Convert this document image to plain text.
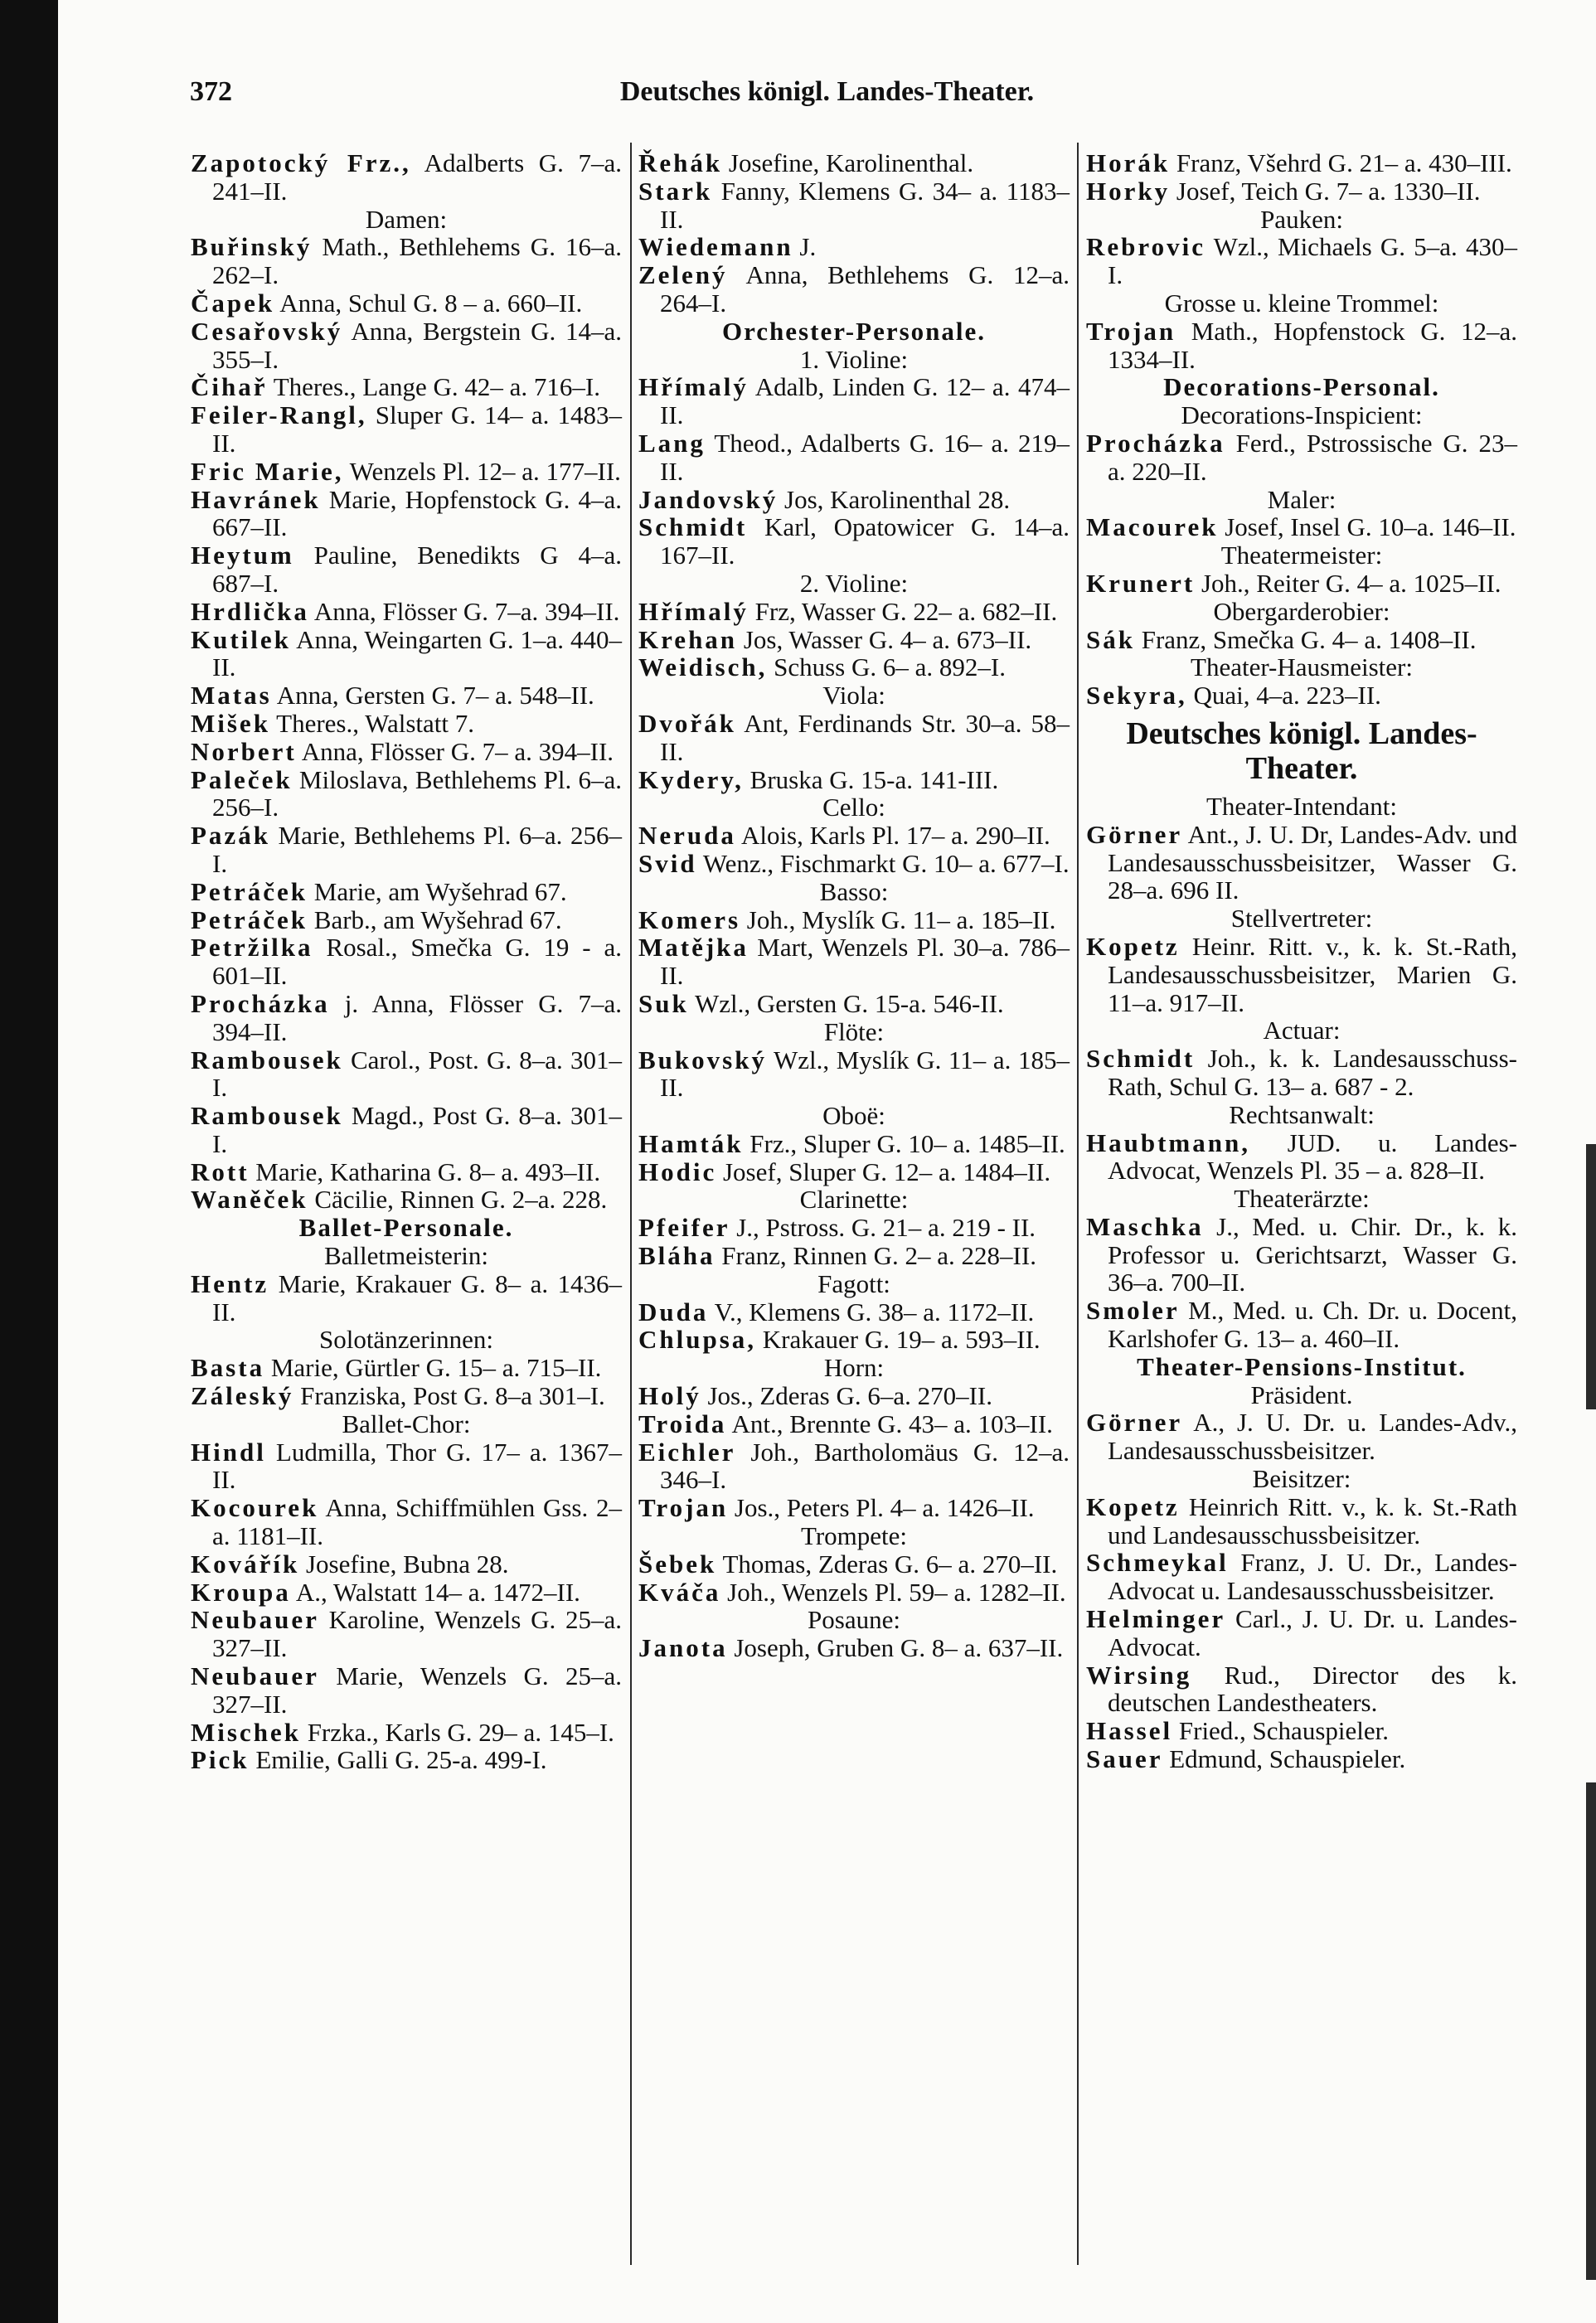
372	Deutsches königl. Landes-Theater.
Zapotocký Frz., Adalberts G. 7–a. 241–II.
Damen:
Buřinský Math., Bethlehems G. 16–a. 262–I.
Čapek Anna, Schul G. 8 – a. 660–II.
Cesařovský Anna, Bergstein G. 14–a. 355–I.
Čihař Theres., Lange G. 42– a. 716–I.
Feiler-Rangl, Sluper G. 14– a. 1483–II.
Fric Marie, Wenzels Pl. 12– a. 177–II.
Havránek Marie, Hopfenstock G. 4–a. 667–II.
Heytum Pauline, Benedikts G 4–a. 687–I.
Hrdlička Anna, Flösser G. 7–a. 394–II.
Kutilek Anna, Weingarten G. 1–a. 440–II.
Matas Anna, Gersten G. 7– a. 548–II.
Mišek Theres., Walstatt 7.
Norbert Anna, Flösser G. 7– a. 394–II.
Paleček Miloslava, Bethlehems Pl. 6–a. 256–I.
Pazák Marie, Bethlehems Pl. 6–a. 256–I.
Petráček Marie, am Wyšehrad 67.
Petráček Barb., am Wyšehrad 67.
Petržilka Rosal., Smečka G. 19 - a. 601–II.
Procházka j. Anna, Flösser G. 7–a. 394–II.
Rambousek Carol., Post. G. 8–a. 301–I.
Rambousek Magd., Post G. 8–a. 301–I.
Rott Marie, Katharina G. 8– a. 493–II.
Waněček Cäcilie, Rinnen G. 2–a. 228.
Ballet-Personale.
Balletmeisterin:
Hentz Marie, Krakauer G. 8– a. 1436–II.
Solotänzerinnen:
Basta Marie, Gürtler G. 15– a. 715–II.
Záleský Franziska, Post G. 8–a 301–I.
Ballet-Chor:
Hindl Ludmilla, Thor G. 17– a. 1367–II.
Kocourek Anna, Schiffmühlen Gss. 2–a. 1181–II.
Kovářík Josefine, Bubna 28.
Kroupa A., Walstatt 14– a. 1472–II.
Neubauer Karoline, Wenzels G. 25–a. 327–II.
Neubauer Marie, Wenzels G. 25–a. 327–II.
Mischek Frzka., Karls G. 29– a. 145–I.
Pick Emilie, Galli G. 25-a. 499-I.
Řehák Josefine, Karolinenthal.
Stark Fanny, Klemens G. 34– a. 1183–II.
Wiedemann J.
Zelený Anna, Bethlehems G. 12–a. 264–I.
Orchester-Personale.
1. Violine:
Hřímalý Adalb, Linden G. 12– a. 474–II.
Lang Theod., Adalberts G. 16– a. 219–II.
Jandovský Jos, Karolinenthal 28.
Schmidt Karl, Opatowicer G. 14–a. 167–II.
2. Violine:
Hřímalý Frz, Wasser G. 22– a. 682–II.
Krehan Jos, Wasser G. 4– a. 673–II.
Weidisch, Schuss G. 6– a. 892–I.
Viola:
Dvořák Ant, Ferdinands Str. 30–a. 58–II.
Kydery, Bruska G. 15-a. 141-III.
Cello:
Neruda Alois, Karls Pl. 17– a. 290–II.
Svid Wenz., Fischmarkt G. 10– a. 677–I.
Basso:
Komers Joh., Myslík G. 11– a. 185–II.
Matějka Mart, Wenzels Pl. 30–a. 786–II.
Suk Wzl., Gersten G. 15-a. 546-II.
Flöte:
Bukovský Wzl., Myslík G. 11– a. 185–II.
Oboë:
Hamták Frz., Sluper G. 10– a. 1485–II.
Hodic Josef, Sluper G. 12– a. 1484–II.
Clarinette:
Pfeifer J., Pstross. G. 21– a. 219 - II.
Bláha Franz, Rinnen G. 2– a. 228–II.
Fagott:
Duda V., Klemens G. 38– a. 1172–II.
Chlupsa, Krakauer G. 19– a. 593–II.
Horn:
Holý Jos., Zderas G. 6–a. 270–II.
Troida Ant., Brennte G. 43– a. 103–II.
Eichler Joh., Bartholomäus G. 12–a. 346–I.
Trojan Jos., Peters Pl. 4– a. 1426–II.
Trompete:
Šebek Thomas, Zderas G. 6– a. 270–II.
Kváča Joh., Wenzels Pl. 59– a. 1282–II.
Posaune:
Janota Joseph, Gruben G. 8– a. 637–II.
Horák Franz, Všehrd G. 21– a. 430–III.
Horky Josef, Teich G. 7– a. 1330–II.
Pauken:
Rebrovic Wzl., Michaels G. 5–a. 430–I.
Grosse u. kleine Trommel:
Trojan Math., Hopfenstock G. 12–a. 1334–II.
Decorations-Personal.
Decorations-Inspicient:
Procházka Ferd., Pstrossische G. 23–a. 220–II.
Maler:
Macourek Josef, Insel G. 10–a. 146–II.
Theatermeister:
Krunert Joh., Reiter G. 4– a. 1025–II.
Obergarderobier:
Sák Franz, Smečka G. 4– a. 1408–II.
Theater-Hausmeister:
Sekyra, Quai, 4–a. 223–II.
Deutsches königl. Landes-Theater.
Theater-Intendant:
Görner Ant., J. U. Dr, Landes-Adv. und Landesausschussbeisitzer, Wasser G. 28–a. 696 II.
Stellvertreter:
Kopetz Heinr. Ritt. v., k. k. St.-Rath, Landesausschussbeisitzer, Marien G. 11–a. 917–II.
Actuar:
Schmidt Joh., k. k. Landesausschuss-Rath, Schul G. 13– a. 687 - 2.
Rechtsanwalt:
Haubtmann, JUD. u. Landes-Advocat, Wenzels Pl. 35 – a. 828–II.
Theaterärzte:
Maschka J., Med. u. Chir. Dr., k. k. Professor u. Gerichtsarzt, Wasser G. 36–a. 700–II.
Smoler M., Med. u. Ch. Dr. u. Docent, Karlshofer G. 13– a. 460–II.
Theater-Pensions-Institut.
Präsident.
Görner A., J. U. Dr. u. Landes-Adv., Landesausschussbeisitzer.
Beisitzer:
Kopetz Heinrich Ritt. v., k. k. St.-Rath und Landesausschussbeisitzer.
Schmeykal Franz, J. U. Dr., Landes-Advocat u. Landesausschussbeisitzer.
Helminger Carl., J. U. Dr. u. Landes-Advocat.
Wirsing Rud., Director des k. deutschen Landestheaters.
Hassel Fried., Schauspieler.
Sauer Edmund, Schauspieler.
